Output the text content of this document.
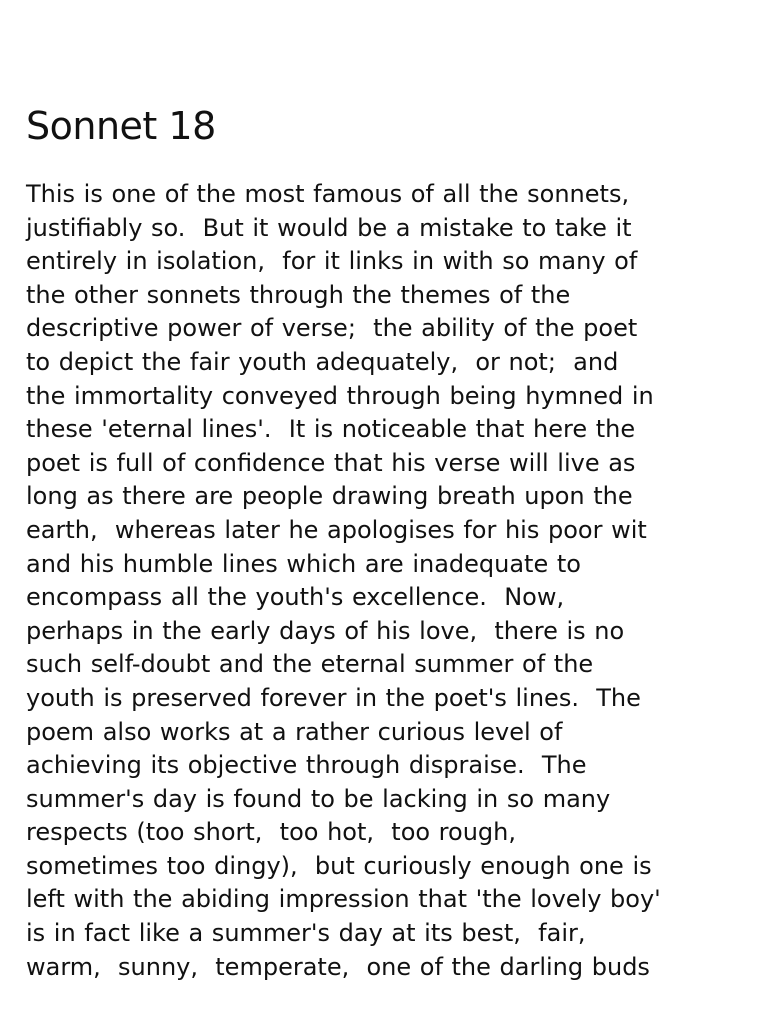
Sonnet 18
This is one of the most famous of all the sonnets,
justifiably so.  But it would be a mistake to take it
entirely in isolation,  for it links in with so many of
the other sonnets through the themes of the
descriptive power of verse;  the ability of the poet
to depict the fair youth adequately,  or not;  and
the immortality conveyed through being hymned in
these 'eternal lines'.  It is noticeable that here the
poet is full of confidence that his verse will live as
long as there are people drawing breath upon the
earth,  whereas later he apologises for his poor wit
and his humble lines which are inadequate to
encompass all the youth's excellence.  Now,
perhaps in the early days of his love,  there is no
such self-doubt and the eternal summer of the
youth is preserved forever in the poet's lines.  The
poem also works at a rather curious level of
achieving its objective through dispraise.  The
summer's day is found to be lacking in so many
respects (too short,  too hot,  too rough,
sometimes too dingy),  but curiously enough one is
left with the abiding impression that 'the lovely boy'
is in fact like a summer's day at its best,  fair,
warm,  sunny,  temperate,  one of the darling buds
